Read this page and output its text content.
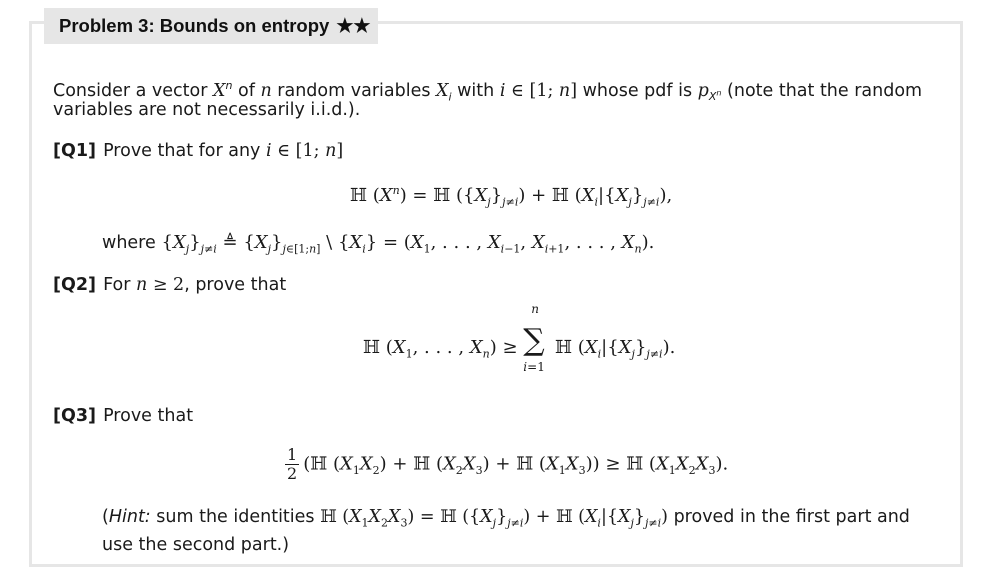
Problem 3: Bounds on entropy ★★
Consider a vector $X^n$ of n random variables $X_i$ with i ∈ [1; n] whose pdf is $p_{X^n}$ (note that the random
variables are not necessarily i.i.d.).
[Q1] Prove that for any i ∈ [1; n]
ℍ $(X^n)$ = ℍ $(\{X_j\}_{j\ne i})$ + ℍ $(X_i|\{X_j\}_{j\ne i})$,
where $\{X_j\}_{j\ne i}$ ≜ $\{X_j\}_{j\in[1;n]}$ \ $\{X_i\} = (X_1$, . . . , $X_{i-1}$, $X_{i+1}$, . . . , $X_n$).
[Q2] For n ≥ 2, prove that
ℍ ($X_1$, . . . , $X_n$) ≥
n
∑
i=1
ℍ $(X_i|\{X_j\}_{j\ne i})$.
[Q3] Prove that
$\frac{1}{2}$ (ℍ $(X_1X_2)$ + ℍ $(X_2X_3)$ + ℍ $(X_1X_3)$) ≥ ℍ $(X_1X_2X_3)$.
(Hint: sum the identities ℍ $(X_1X_2X_3)$ = ℍ $(\{X_j\}_{j\ne i})$ + ℍ $(X_i|\{X_j\}_{j\ne i})$ proved in the first part and
use the second part.)
